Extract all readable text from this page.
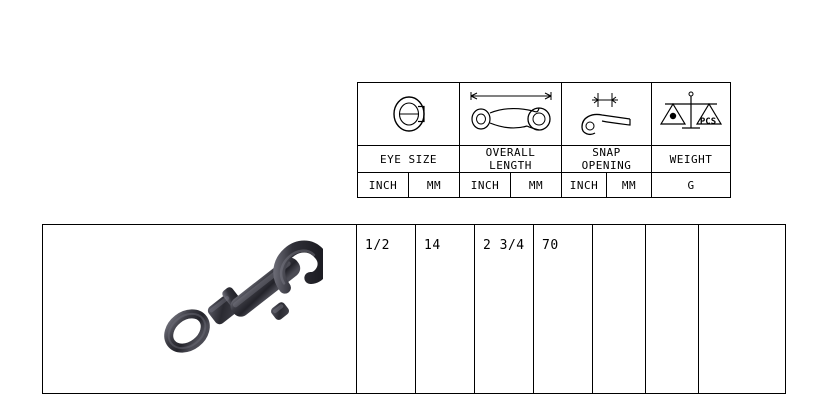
PCS

EYE SIZE		OVERALL LENGTH		SNAP OPENING		WEIGHT
INCH	MM	INCH	MM	INCH	MM	G
	1/2	14	2 3/4	70			
